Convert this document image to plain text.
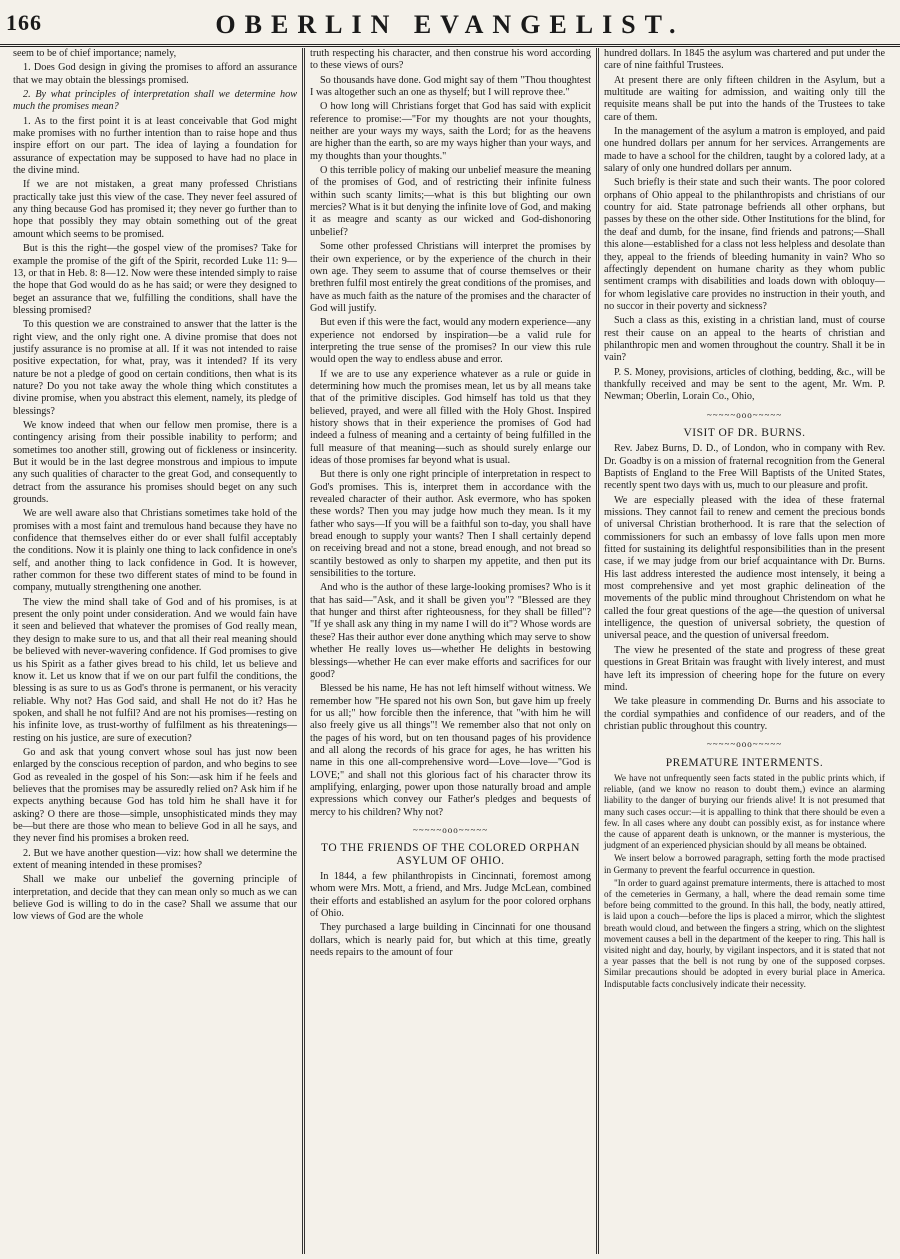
166	OBERLIN EVANGELIST.

seem to be of chief importance; namely,

1. Does God design in giving the promises to afford an assurance that we may obtain the blessings promised.

2. By what principles of interpretation shall we determine how much the promises mean?

1. As to the first point it is at least conceivable that God might make promises with no further intention than to raise hope and thus inspire effort on our part. The idea of laying a foundation for assurance of expectation may be supposed to have had no place in the divine mind.

If we are not mistaken, a great many professed Christians practically take just this view of the case. They never feel assured of any thing because God has promised it; they never go further than to hope that possibly they may obtain something out of the great amount which seems to be promised.

But is this the right—the gospel view of the promises? Take for example the promise of the gift of the Spirit, recorded Luke 11: 9—13, or that in Heb. 8: 8—12. Now were these intended simply to raise the hope that God would do as he has said; or were they designed to beget an assurance that we, fulfilling the conditions, shall have the blessing promised?

To this question we are constrained to answer that the latter is the right view, and the only right one. A divine promise that does not justify assurance is no promise at all. If it was not intended to raise positive expectation, for what, pray, was it intended? If its very nature be not a pledge of good on certain conditions, then what is its nature? Do you not take away the whole thing which constitutes a divine promise, when you abstract this element, namely, its pledge of blessings?

We know indeed that when our fellow men promise, there is a contingency arising from their possible inability to perform; and sometimes too another still, growing out of fickleness or insincerity. But it would be in the last degree monstrous and impious to impute any such qualities of character to the great God, and consequently to detract from the assurance his promises should beget on any such grounds.

We are well aware also that Christians sometimes take hold of the promises with a most faint and tremulous hand because they have no confidence that themselves either do or ever shall fulfil acceptably the conditions. Now it is plainly one thing to lack confidence in one's self, and another thing to lack confidence in God. It is however, rather common for these two different states of mind to be found in company, mutually strengthening one another.

The view the mind shall take of God and of his promises, is at present the only point under consideration. And we would fain have it seen and believed that whatever the promises of God really mean, they design to make sure to us, and that all their real meaning should be believed with never-wavering confidence. If God promises to give us his Spirit as a father gives bread to his child, let us believe and know it. Let us know that if we on our part fulfil the conditions, the blessing is as sure to us as God's throne is permanent, or his veracity reliable. Why not? Has God said, and shall He not do it? Has he spoken, and shall he not fulfil? And are not his promises—resting on his infinite love, as trust-worthy of fulfilment as his threatenings—resting on his justice, are sure of execution?

Go and ask that young convert whose soul has just now been enlarged by the conscious reception of pardon, and who begins to see God as revealed in the gospel of his Son:—ask him if he feels and believes that the promises may be assuredly relied on? Ask him if he expects anything because God has told him he shall have it for asking? O there are those—simple, unsophisticated minds they may be—but there are those who mean to believe God in all he says, and they never find his promises a broken reed.

2. But we have another question—viz: how shall we determine the extent of meaning intended in these promises?

Shall we make our unbelief the governing principle of interpretation, and decide that they can mean only so much as we can believe God is willing to do in the case? Shall we assume that our low views of God are the whole

truth respecting his character, and then construe his word according to these views of ours?

So thousands have done. God might say of them "Thou thoughtest I was altogether such an one as thyself; but I will reprove thee."

O how long will Christians forget that God has said with explicit reference to promise:—"For my thoughts are not your thoughts, neither are your ways my ways, saith the Lord; for as the heavens are higher than the earth, so are my ways higher than your ways, and my thoughts than your thoughts."

O this terrible policy of making our unbelief measure the meaning of the promises of God, and of restricting their infinite fulness within such scanty limits;—what is this but blighting our own mercies? What is it but denying the infinite love of God, and making it as meagre and scanty as our wicked and God-dishonoring unbelief?

Some other professed Christians will interpret the promises by their own experience, or by the experience of the church in their own age. They seem to assume that of course themselves or their brethren fulfil most entirely the great conditions of the promises, and have as much faith as the nature of the promises and the character of God will justify.

But even if this were the fact, would any modern experience—any experience not endorsed by inspiration—be a valid rule for interpreting the true sense of the promises? In our view this rule would open the way to endless abuse and error.

If we are to use any experience whatever as a rule or guide in determining how much the promises mean, let us by all means take that of the primitive disciples. God himself has told us that they believed, prayed, and were all filled with the Holy Ghost. Inspired history shows that in their experience the promises of God had indeed a fulness of meaning and a certainty of being fulfilled in the full measure of that meaning—such as should surely enlarge our ideas of those promises far beyond what is usual.

But there is only one right principle of interpretation in respect to God's promises. This is, interpret them in accordance with the revealed character of their author. Ask evermore, who has spoken these words? Then you may judge how much they mean. Is it my father who says—If you will be a faithful son to-day, you shall have bread enough to supply your wants? Then I shall certainly depend on receiving bread and not a stone, bread enough, and not bread so scantily bestowed as only to sharpen my appetite, and then put its sensibilities to the torture.

And who is the author of these large-looking promises? Who is it that has said—"Ask, and it shall be given you"? "Blessed are they that hunger and thirst after righteousness, for they shall be filled"? "If ye shall ask any thing in my name I will do it"? Whose words are these? Has their author ever done anything which may serve to show whether He really loves us—whether He delights in bestowing blessings—whether He can ever make efforts and sacrifices for our good?

Blessed be his name, He has not left himself without witness. We remember how "He spared not his own Son, but gave him up freely for us all;" how forcible then the inference, that "with him he will also freely give us all things"! We remember also that not only on the pages of his word, but on ten thousand pages of his providence and all along the records of his grace for ages, he has written his name in this one all-comprehensive word—Love—love—"God is LOVE;" and shall not this glorious fact of his character throw its amplifying, enlarging, power upon those naturally broad and ample expressions which convey our Father's pledges and bequests of mercy to his children? Why not?

~~~~~ooo~~~~~
TO THE FRIENDS OF THE COLORED ORPHAN ASYLUM OF OHIO.

In 1844, a few philanthropists in Cincinnati, foremost among whom were Mrs. Mott, a friend, and Mrs. Judge McLean, combined their efforts and established an asylum for the poor colored orphans of Ohio.

They purchased a large building in Cincinnati for one thousand dollars, which is nearly paid for, but which at this time, greatly needs repairs to the amount of four

hundred dollars. In 1845 the asylum was chartered and put under the care of nine faithful Trustees.

At present there are only fifteen children in the Asylum, but a multitude are waiting for admission, and waiting only till the requisite means shall be put into the hands of the Trustees to take care of them.

In the management of the asylum a matron is employed, and paid one hundred dollars per annum for her services. Arrangements are made to have a school for the children, taught by a colored lady, at a salary of only one hundred dollars per annum.

Such briefly is their state and such their wants. The poor colored orphans of Ohio appeal to the philanthropists and christians of our country for aid. State patronage befriends all other orphans, but passes by these on the other side. Other Institutions for the blind, for the deaf and dumb, for the insane, find friends and patrons;—Shall this alone—established for a class not less helpless and desolate than they, appeal to the friends of bleeding humanity in vain? Who so affectingly dependent on humane charity as they whom public sentiment cramps with disabilities and loads down with obloquy—for whom legislative care provides no instruction in their youth, and no succor in their poverty and sickness?

Such a class as this, existing in a christian land, must of course rest their cause on an appeal to the hearts of christian and philanthropic men and women throughout the country. Shall it be in vain?

P. S. Money, provisions, articles of clothing, bedding, &c., will be thankfully received and may be sent to the agent, Mr. Wm. P. Newman; Oberlin, Lorain Co., Ohio,

~~~~~ooo~~~~~
VISIT OF DR. BURNS.

Rev. Jabez Burns, D. D., of London, who in company with Rev. Dr. Goadby is on a mission of fraternal recognition from the General Baptists of England to the Free Will Baptists of the United States, recently spent two days with us, much to our pleasure and profit.

We are especially pleased with the idea of these fraternal missions. They cannot fail to renew and cement the precious bonds of universal Christian brotherhood. It is rare that the selection of commissioners for such an embassy of love falls upon men more fitted for sustaining its delightful responsibilities than in the present case, if we may judge from our brief acquaintance with Dr. Burns. His last address interested the audience most intensely, it being a most comprehensive and yet most graphic delineation of the movements of the public mind throughout Christendom on what he called the four great questions of the age—the question of universal intelligence, the question of universal sobriety, the question of universal peace, and the question of universal freedom.

The view he presented of the state and progress of these great questions in Great Britain was fraught with lively interest, and must have left its impression of cheering hope for the future on every mind.

We take pleasure in commending Dr. Burns and his associate to the cordial sympathies and confidence of our readers, and of the christian public throughout this country.

~~~~~ooo~~~~~
PREMATURE INTERMENTS.

We have not unfrequently seen facts stated in the public prints which, if reliable, (and we know no reason to doubt them,) evince an alarming liability to the danger of burying our friends alive! It is not presumed that many such cases occur:—it is appalling to think that there should be even a few. In all cases where any doubt can possibly exist, as for instance where the cause of apparent death is unknown, or the manner is mysterious, the judgment of an experienced physician should by all means be obtained.

We insert below a borrowed paragraph, setting forth the mode practised in Germany to prevent the fearful occurrence in question.

"In order to guard against premature interments, there is attached to most of the cemeteries in Germany, a hall, where the dead remain some time before being committed to the ground. In this hall, the body, neatly attired, is laid upon a couch—before the lips is placed a mirror, which the slightest breath would cloud, and between the fingers a string, which on the slightest movement causes a bell in the department of the keeper to ring. This hall is visited night and day, hourly, by vigilant inspectors, and it is stated that not a year passes that the bell is not rung by one of the supposed corpses. Similar precautions should be adopted in every burial place in America. Indisputable facts conclusively indicate their necessity.
